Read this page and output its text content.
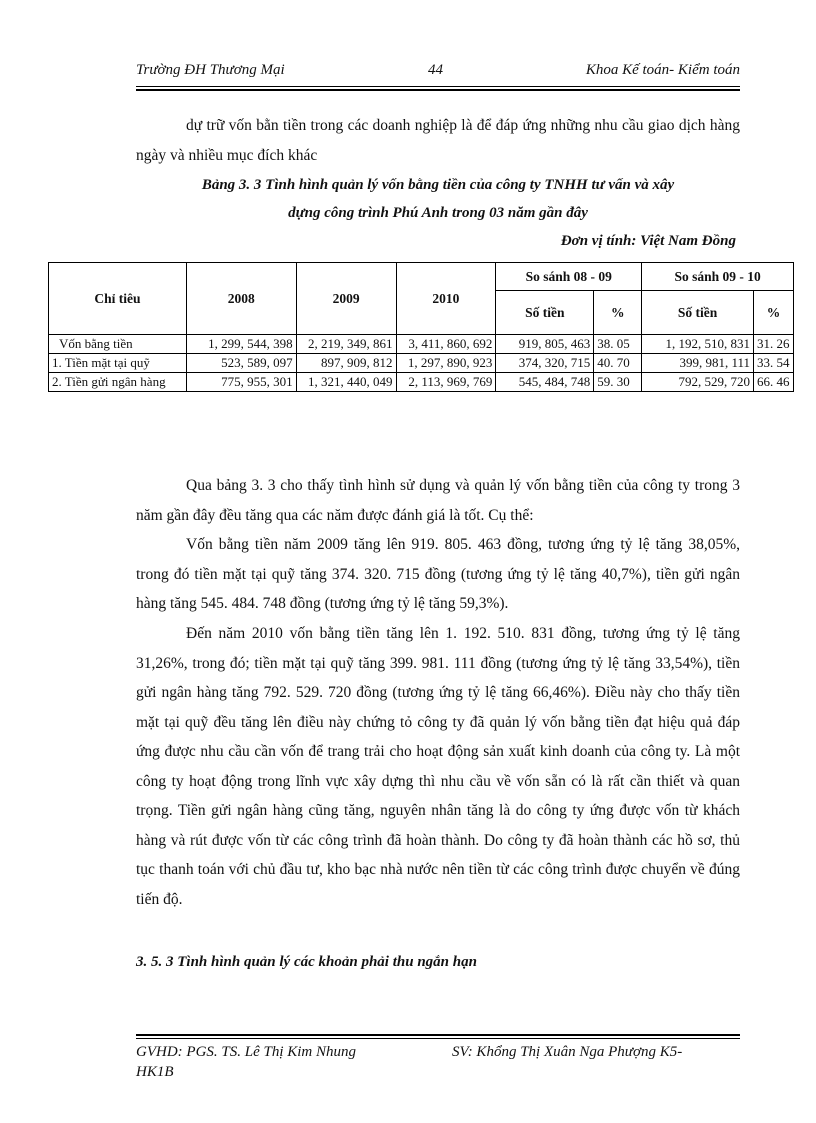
Trường ĐH Thương Mại	44	Khoa Kế toán- Kiểm toán

dự trữ vốn bằn tiền trong các doanh nghiệp là để đáp ứng những nhu cầu giao dịch hàng ngày và nhiều mục đích khác

Bảng 3. 3 Tình hình quản lý vốn bằng tiền của công ty TNHH tư vấn và xây

dựng công trình Phú Anh trong 03 năm gần đây

Đơn vị tính: Việt Nam Đồng
Chỉ tiêu	2008	2009	2010	So sánh 08 - 09		So sánh 09 - 10	
				Số tiền	%	Số tiền	%
Vốn bằng tiền	1, 299, 544, 398	2, 219, 349, 861	3, 411, 860, 692	919, 805, 463	38. 05	1, 192, 510, 831	31. 26
1. Tiền mặt tại quỹ	523, 589, 097	897, 909, 812	1, 297, 890, 923	374, 320, 715	40. 70	399, 981, 111	33. 54
2. Tiền gửi ngân hàng	775, 955, 301	1, 321, 440, 049	2, 113, 969, 769	545, 484, 748	59. 30	792, 529, 720	66. 46

Qua bảng 3. 3 cho thấy tình hình sử dụng và quản lý vốn bằng tiền của công ty trong 3 năm gần đây đều tăng qua các năm được đánh giá là tốt. Cụ thể:

Vốn bằng tiền năm 2009 tăng lên 919. 805. 463 đồng, tương ứng tỷ lệ tăng 38,05%, trong đó tiền mặt tại quỹ tăng 374. 320. 715 đồng (tương ứng tỷ lệ tăng 40,7%), tiền gửi ngân hàng tăng 545. 484. 748 đồng (tương ứng tỷ lệ tăng 59,3%).

Đến năm 2010 vốn bằng tiền tăng lên 1. 192. 510. 831 đồng, tương ứng tỷ lệ tăng 31,26%, trong đó; tiền mặt tại quỹ tăng 399. 981. 111 đồng (tương ứng tỷ lệ tăng 33,54%), tiền gửi ngân hàng tăng 792. 529. 720 đồng (tương ứng tỷ lệ tăng 66,46%). Điều này cho thấy tiền mặt tại quỹ đều tăng lên điều này chứng tỏ công ty đã quản lý vốn bằng tiền đạt hiệu quả đáp ứng được nhu cầu cần vốn để trang trải cho hoạt động sản xuất kinh doanh của công ty. Là một công ty hoạt động trong lĩnh vực xây dựng thì nhu cầu về vốn sẵn có là rất cần thiết và quan trọng. Tiền gửi ngân hàng cũng tăng, nguyên nhân tăng là do công ty ứng được vốn từ khách hàng và rút được vốn từ các công trình đã hoàn thành. Do công ty đã hoàn thành các hồ sơ, thủ tục thanh toán với chủ đầu tư, kho bạc nhà nước nên tiền từ các công trình được chuyển về đúng tiến độ.

3. 5. 3 Tình hình quản lý các khoản phải thu ngắn hạn
GVHD: PGS. TS. Lê Thị Kim Nhung	SV: Khổng Thị Xuân Nga Phượng K5-
HK1B
